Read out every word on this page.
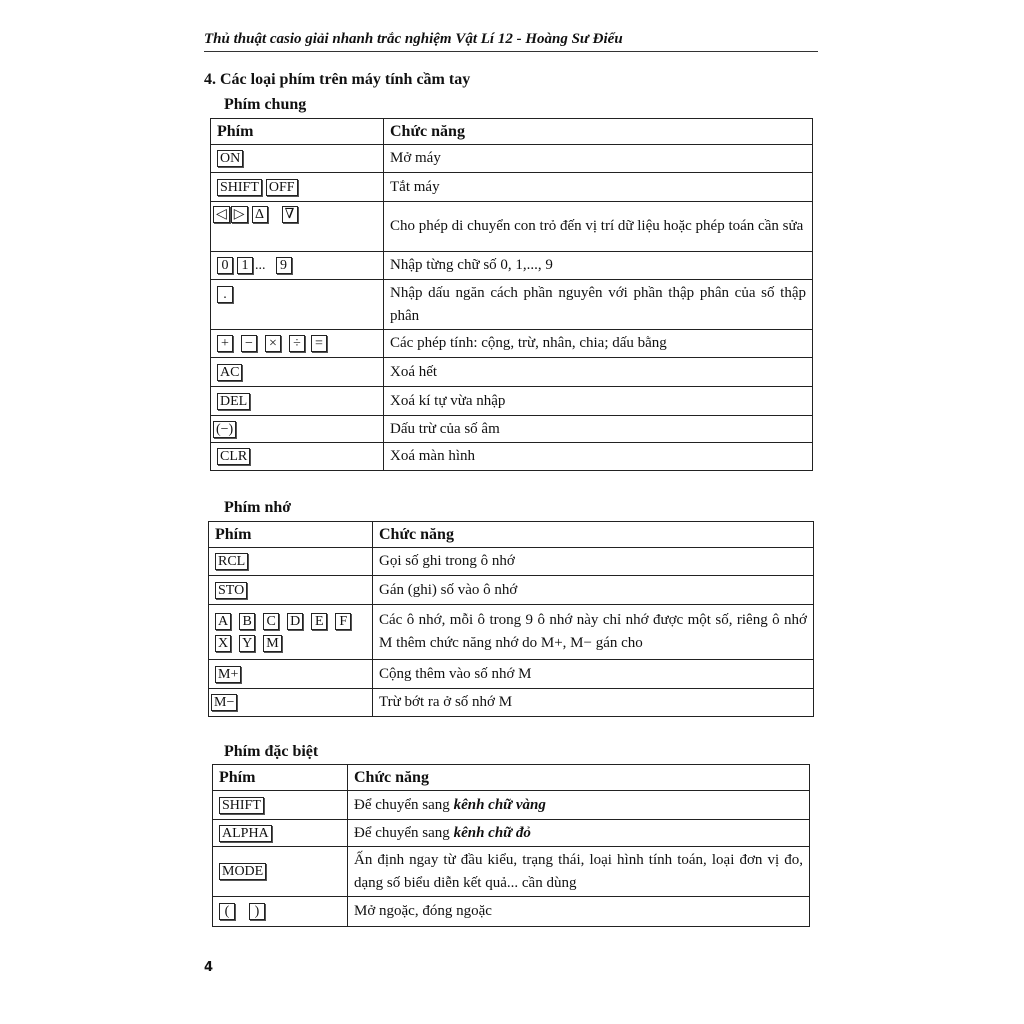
Thủ thuật casio giải nhanh trắc nghiệm Vật Lí 12 - Hoàng Sư Điểu
4. Các loại phím trên máy tính cầm tay
Phím chung
Phím	Chức năng
ON	Mở máy
SHIFT OFF	Tắt máy
◁ ▷ Δ ∇	Cho phép di chuyển con trỏ đến vị trí dữ liệu hoặc phép toán cần sửa
0 1 ... 9	Nhập từng chữ số 0, 1,..., 9
.	Nhập dấu ngăn cách phần nguyên với phần thập phân của số thập phân
+ − × ÷ =	Các phép tính: cộng, trừ, nhân, chia; dấu bằng
AC	Xoá hết
DEL	Xoá kí tự vừa nhập
(−)	Dấu trừ của số âm
CLR	Xoá màn hình
Phím nhớ
Phím	Chức năng
RCL	Gọi số ghi trong ô nhớ
STO	Gán (ghi) số vào ô nhớ

A B C D E F
X Y M	Các ô nhớ, mỗi ô trong 9 ô nhớ này chỉ nhớ được một số, riêng ô nhớ M thêm chức năng nhớ do M+, M− gán cho
M+	Cộng thêm vào số nhớ M
M−	Trừ bớt ra ở số nhớ M
Phím đặc biệt
Phím	Chức năng
SHIFT	Để chuyển sang kênh chữ vàng
ALPHA	Để chuyển sang kênh chữ đỏ
MODE	Ấn định ngay từ đầu kiểu, trạng thái, loại hình tính toán, loại đơn vị đo, dạng số biểu diễn kết quả... cần dùng
( )	Mở ngoặc, đóng ngoặc
4
